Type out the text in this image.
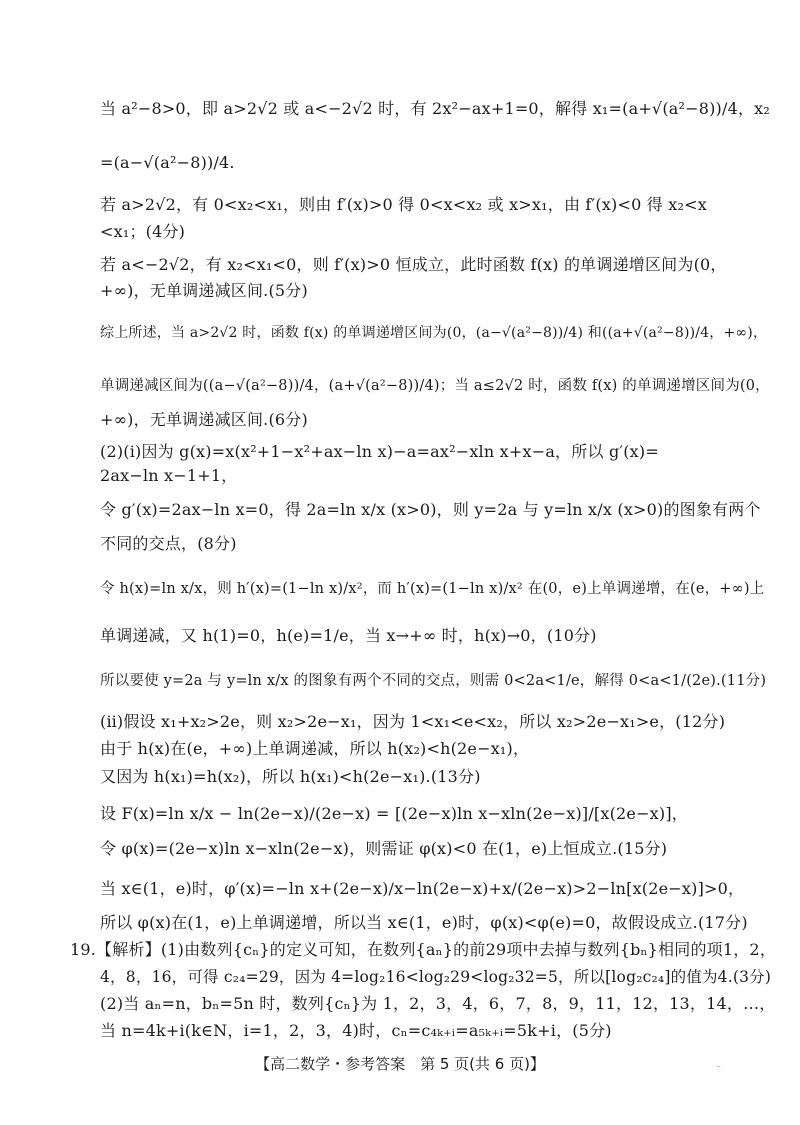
当 a²−8>0，即 a>2√2 或 a<−2√2 时，有 2x²−ax+1=0，解得 x₁=(a+√(a²−8))/4，x₂
=(a−√(a²−8))/4.
若 a>2√2，有 0<x₂<x₁，则由 f′(x)>0 得 0<x<x₂ 或 x>x₁，由 f′(x)<0 得 x₂<x
<x₁；(4分)
若 a<−2√2，有 x₂<x₁<0，则 f′(x)>0 恒成立，此时函数 f(x) 的单调递增区间为(0，
+∞)，无单调递减区间.(5分)
综上所述，当 a>2√2 时，函数 f(x) 的单调递增区间为(0，(a−√(a²−8))/4) 和((a+√(a²−8))/4，+∞)，
单调递减区间为((a−√(a²−8))/4，(a+√(a²−8))/4)；当 a≤2√2 时，函数 f(x) 的单调递增区间为(0，
+∞)，无单调递减区间.(6分)
(2)(ⅰ)因为 g(x)=x(x²+1−x²+ax−ln x)−a=ax²−xln x+x−a，所以 g′(x)=
2ax−ln x−1+1，
令 g′(x)=2ax−ln x=0，得 2a=ln x/x (x>0)，则 y=2a 与 y=ln x/x (x>0)的图象有两个
不同的交点，(8分)
令 h(x)=ln x/x，则 h′(x)=(1−ln x)/x²，而 h′(x)=(1−ln x)/x² 在(0，e)上单调递增，在(e，+∞)上
单调递减，又 h(1)=0，h(e)=1/e，当 x→+∞ 时，h(x)→0，(10分)
所以要使 y=2a 与 y=ln x/x 的图象有两个不同的交点，则需 0<2a<1/e，解得 0<a<1/(2e).(11分)
(ⅱ)假设 x₁+x₂>2e，则 x₂>2e−x₁，因为 1<x₁<e<x₂，所以 x₂>2e−x₁>e，(12分)
由于 h(x)在(e，+∞)上单调递减，所以 h(x₂)<h(2e−x₁)，
又因为 h(x₁)=h(x₂)，所以 h(x₁)<h(2e−x₁).(13分)
设 F(x)=ln x/x − ln(2e−x)/(2e−x) = [(2e−x)ln x−xln(2e−x)]/[x(2e−x)]，
令 φ(x)=(2e−x)ln x−xln(2e−x)，则需证 φ(x)<0 在(1，e)上恒成立.(15分)
当 x∈(1，e)时，φ′(x)=−ln x+(2e−x)/x−ln(2e−x)+x/(2e−x)>2−ln[x(2e−x)]>0，
所以 φ(x)在(1，e)上单调递增，所以当 x∈(1，e)时，φ(x)<φ(e)=0，故假设成立.(17分)
19.【解析】(1)由数列{cₙ}的定义可知，在数列{aₙ}的前29项中去掉与数列{bₙ}相同的项1，2，
4，8，16，可得 c₂₄=29，因为 4=log₂16<log₂29<log₂32=5，所以[log₂c₂₄]的值为4.(3分)
(2)当 aₙ=n，bₙ=5n 时，数列{cₙ}为 1，2，3，4，6，7，8，9，11，12，13，14，…，
当 n=4k+i(k∈N，i=1，2，3，4)时，cₙ=c₄ₖ₊ᵢ=a₅ₖ₊ᵢ=5k+i，(5分)
【高二数学・参考答案　第 5 页(共 6 页)】	..
